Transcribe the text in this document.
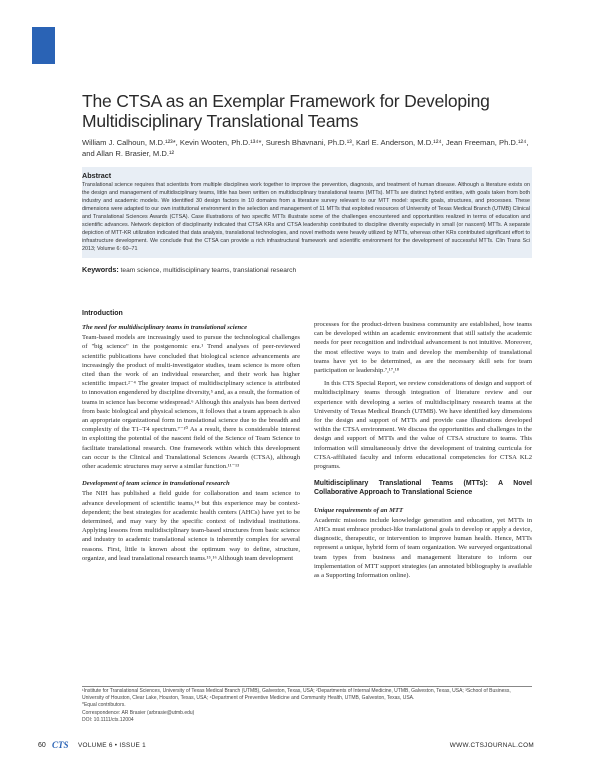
The CTSA as an Exemplar Framework for Developing Multidisciplinary Translational Teams
William J. Calhoun, M.D.¹²³*, Kevin Wooten, Ph.D.¹³⁴*, Suresh Bhavnani, Ph.D.¹³, Karl E. Anderson, M.D.¹²⁴, Jean Freeman, Ph.D.¹²⁴, and Allan R. Brasier, M.D.¹²
Abstract
Translational science requires that scientists from multiple disciplines work together to improve the prevention, diagnosis, and treatment of human disease. Although a literature exists on the design and management of multidisciplinary teams, little has been written on multidisciplinary translational teams (MTTs). MTTs are distinct hybrid entities, with goals taken from both industry and academic models. We identified 30 design factors in 10 domains from a literature survey relevant to our MTT model: specific goals, structures, and processes. These dimensions were adapted to our own institutional environment in the selection and management of 11 MTTs that exploited resources of University of Texas Medical Branch (UTMB) Clinical and Translational Sciences Awards (CTSA). Case illustrations of two specific MTTs illustrate some of the challenges encountered and opportunities realized in terms of education and scientific advances. Network depiction of disciplinarity indicated that CTSA KRs and CTSA leadership contributed to discipline diversity especially in small (or nascent) MTTs. A separate depiction of MTT-KR utilization indicated that data analysis, translational technologies, and novel methods were heavily utilized by MTTs, whereas other KRs contributed significant effort to infrastructure development. We conclude that the CTSA can provide a rich infrastructural framework and scientific environment for the development of successful MTTs. Clin Trans Sci 2013; Volume 6: 60–71
Keywords: team science, multidisciplinary teams, translational research
Introduction
The need for multidisciplinary teams in translational science
Team-based models are increasingly used to pursue the technological challenges of "big science" in the postgenomic era.¹ Trend analyses of peer-reviewed scientific publications have concluded that biological science advancements are increasingly the product of multi-investigator studies, team science is more often cited than the work of an individual researcher, and their work has higher scientific impact.²⁻⁴ The greater impact of multidisciplinary science is attributed to innovation engendered by discipline diversity,⁵ and, as a result, the formation of teams in science has become widespread.⁶ Although this analysis has been derived from basic biological and physical sciences, it follows that a team approach is also an appropriate organizational form in translational science due to the breadth and complexity of the T1–T4 spectrum.⁷⁻¹⁰ As a result, there is considerable interest in exploiting the potential of the nascent field of the Science of Team Science to facilitate translational research. One framework within which this development can occur is the Clinical and Translational Sciences Awards (CTSA), although other academic structures may serve a similar function.¹¹⁻¹³
Development of team science in translational research
The NIH has published a field guide for collaboration and team science to advance development of scientific teams,¹⁴ but this experience may be context-dependent; the best strategies for academic health centers (AHCs) have yet to be determined, and may vary by the specific context of individual institutions. Applying lessons from multidisciplinary team-based structures from basic science and industry to academic translational science is inherently complex for several reasons. First, little is known about the optimum way to define, structure, organize, and lead translational research teams.¹⁵,¹⁶ Although team development
processes for the product-driven business community are established, how teams can be developed within an academic environment that still satisfy the academic needs for peer recognition and individual advancement is not intuitive. Moreover, the most effective ways to train and develop the membership of translational teams have yet to be determined, as are the necessary skill sets for team participation or leadership.⁷,¹⁷,¹⁸
In this CTS Special Report, we review considerations of design and support of multidisciplinary teams through integration of literature review and our experience with developing a series of multidisciplinary research teams at the University of Texas Medical Branch (UTMB). We have identified key dimensions for the design and support of MTTs and provide case illustrations developed within the CTSA environment. We discuss the opportunities and challenges in the design and support of MTTs and the value of CTSA structure to teams. This information will simultaneously drive the development of training curricula for CTSA-affiliated faculty and inform educational competencies for CTSA KL2 programs.
Multidisciplinary Translational Teams (MTTs): A Novel Collaborative Approach to Translational Science
Unique requirements of an MTT
Academic missions include knowledge generation and education, yet MTTs in AHCs must embrace product-like translational goals to develop or apply a device, diagnostic, therapeutic, or intervention to improve human health. Hence, MTTs represent a unique, hybrid form of team organization. We surveyed organizational team types from business and management literature to inform our implementation of MTT support strategies (an annotated bibliography is available as a Supporting Information online).
¹Institute for Translational Sciences, University of Texas Medical Branch (UTMB), Galveston, Texas, USA; ²Departments of Internal Medicine, UTMB, Galveston, Texas, USA; ³School of Business, University of Houston, Clear Lake, Houston, Texas, USA; ⁴Department of Preventive Medicine and Community Health, UTMB, Galveston, Texas, USA.
*Equal contributors.
Correspondence: AR Brasier (arbrasie@utmb.edu)
DOI: 10.1111/cts.12004
60 CTS VOLUME 6 • ISSUE 1	WWW.CTSJOURNAL.COM
